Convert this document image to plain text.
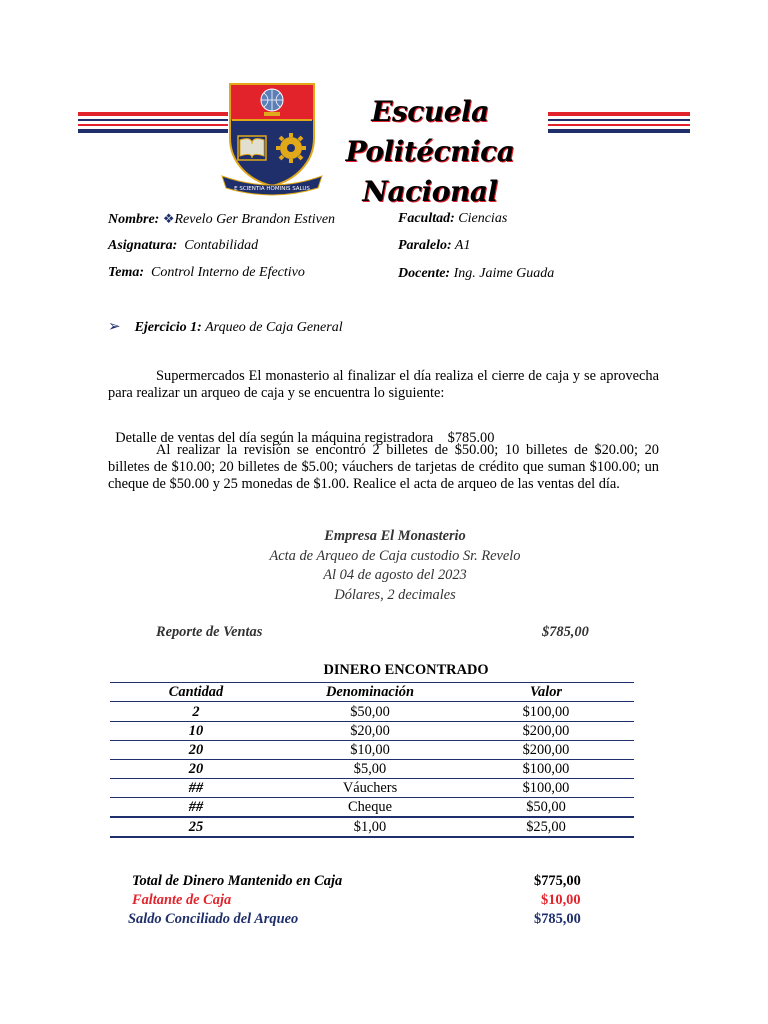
E SCIENTIA HOMINIS SALUS
Escuela Politécnica
Nacional
Nombre: ❖Revelo Ger Brandon Estiven	Facultad: Ciencias
Asignatura: Contabilidad	Paralelo: A1
Tema: Control Interno de Efectivo	Docente: Ing. Jaime Guada
➢ Ejercicio 1: Arqueo de Caja General
Supermercados El monasterio al finalizar el día realiza el cierre de caja y se aprovecha para realizar un arqueo de caja y se encuentra lo siguiente:

Detalle de ventas del día según la máquina registradora    $785.00

Al realizar la revisión se encontró 2 billetes de $50.00; 10 billetes de $20.00; 20 billetes de $10.00; 20 billetes de $5.00; váuchers de tarjetas de crédito que suman $100.00; un cheque de $50.00 y 25 monedas de $1.00. Realice el acta de arqueo de las ventas del día.
Empresa El Monasterio
Acta de Arqueo de Caja custodio Sr. Revelo
Al 04 de agosto del 2023
Dólares, 2 decimales
Reporte de Ventas	$785,00
DINERO ENCONTRADO
Cantidad	Denominación	Valor
2	$50,00	$100,00
10	$20,00	$200,00
20	$10,00	$200,00
20	$5,00	$100,00
##	Váuchers	$100,00
##	Cheque	$50,00
25	$1,00	$25,00
Total de Dinero Mantenido en Caja	$775,00
Faltante de Caja	$10,00
Saldo Conciliado del Arqueo	$785,00
